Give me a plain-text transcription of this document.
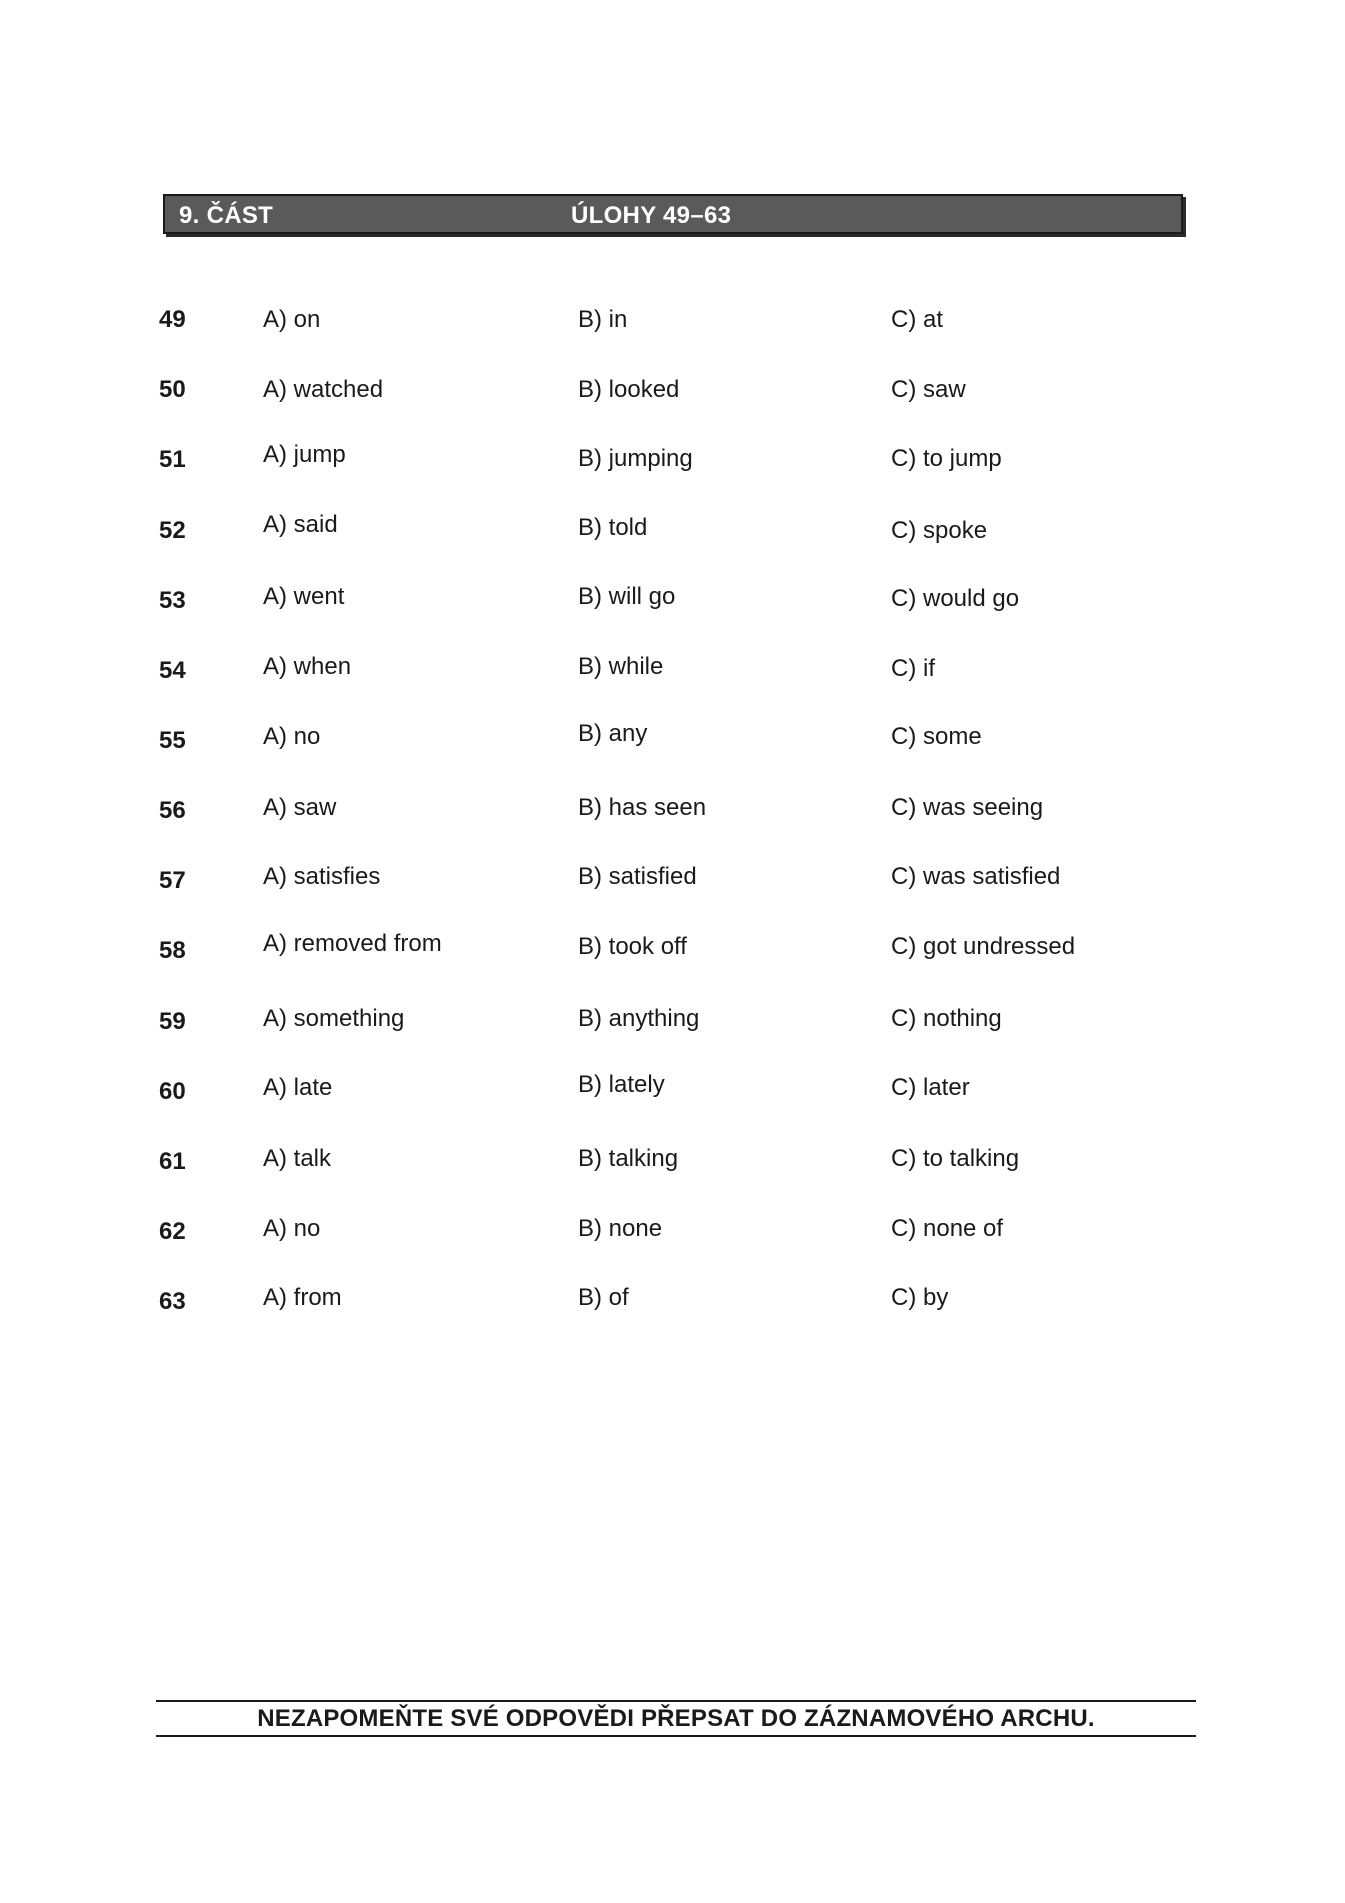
9. ČÁST	ÚLOHY 49–63
49	A) on	B) in	C) at
50	A) watched	B) looked	C) saw
51	A) jump	B) jumping	C) to jump
52	A) said	B) told	C) spoke
53	A) went	B) will go	C) would go
54	A) when	B) while	C) if
55	A) no	B) any	C) some
56	A) saw	B) has seen	C) was seeing
57	A) satisfies	B) satisfied	C) was satisfied
58	A) removed from	B) took off	C) got undressed
59	A) something	B) anything	C) nothing
60	A) late	B) lately	C) later
61	A) talk	B) talking	C) to talking
62	A) no	B) none	C) none of
63	A) from	B) of	C) by
NEZAPOMEŇTE SVÉ ODPOVĚDI PŘEPSAT DO ZÁZNAMOVÉHO ARCHU.
